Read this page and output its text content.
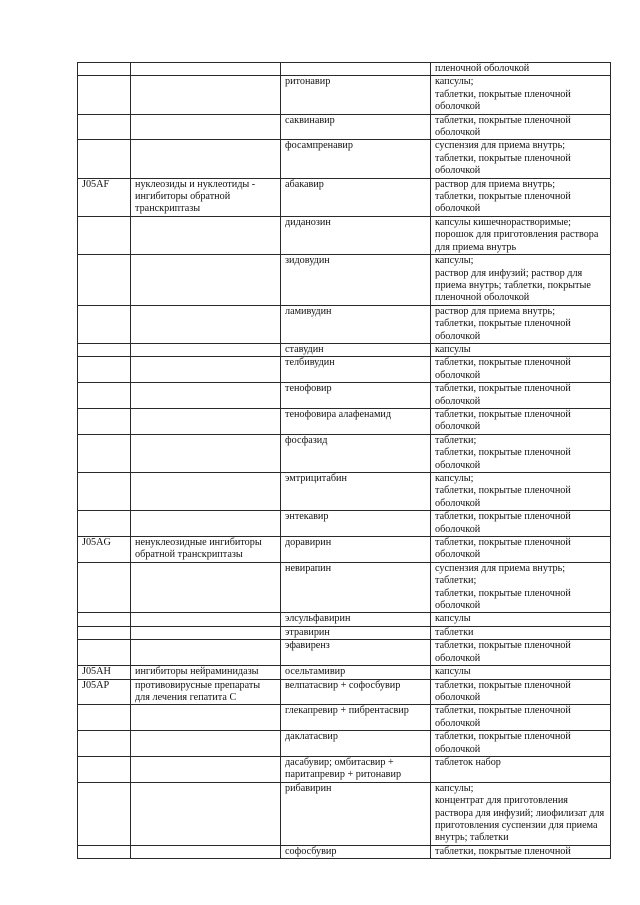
			пленочной оболочкой
		ритонавир	капсулы;
таблетки, покрытые пленочной оболочкой
		саквинавир	таблетки, покрытые пленочной оболочкой
		фосампренавир	суспензия для приема внутрь;
таблетки, покрытые пленочной оболочкой
J05AF	нуклеозиды и нуклеотиды - ингибиторы обратной транскриптазы	абакавир	раствор для приема внутрь;
таблетки, покрытые пленочной оболочкой
		диданозин	капсулы кишечнорастворимые;
порошок для приготовления раствора для приема внутрь
		зидовудин	капсулы;
раствор для инфузий; раствор для приема внутрь; таблетки, покрытые пленочной оболочкой
		ламивудин	раствор для приема внутрь;
таблетки, покрытые пленочной оболочкой
		ставудин	капсулы
		телбивудин	таблетки, покрытые пленочной оболочкой
		тенофовир	таблетки, покрытые пленочной оболочкой
		тенофовира алафенамид	таблетки, покрытые пленочной оболочкой
		фосфазид	таблетки;
таблетки, покрытые пленочной оболочкой
		эмтрицитабин	капсулы;
таблетки, покрытые пленочной оболочкой
		энтекавир	таблетки, покрытые пленочной оболочкой
J05AG	ненуклеозидные ингибиторы обратной транскриптазы	доравирин	таблетки, покрытые пленочной оболочкой
		невирапин	суспензия для приема внутрь;
таблетки;
таблетки, покрытые пленочной оболочкой
		элсульфавирин	капсулы
		этравирин	таблетки
		эфавиренз	таблетки, покрытые пленочной оболочкой
J05AH	ингибиторы нейраминидазы	осельтамивир	капсулы
J05AP	противовирусные препараты для лечения гепатита C	велпатасвир + софосбувир	таблетки, покрытые пленочной оболочкой
		глекапревир + пибрентасвир	таблетки, покрытые пленочной оболочкой
		даклатасвир	таблетки, покрытые пленочной оболочкой
		дасабувир; омбитасвир + паритапревир + ритонавир	таблеток набор
		рибавирин	капсулы;
концентрат для приготовления раствора для инфузий; лиофилизат для приготовления суспензии для приема внутрь; таблетки
		софосбувир	таблетки, покрытые пленочной
